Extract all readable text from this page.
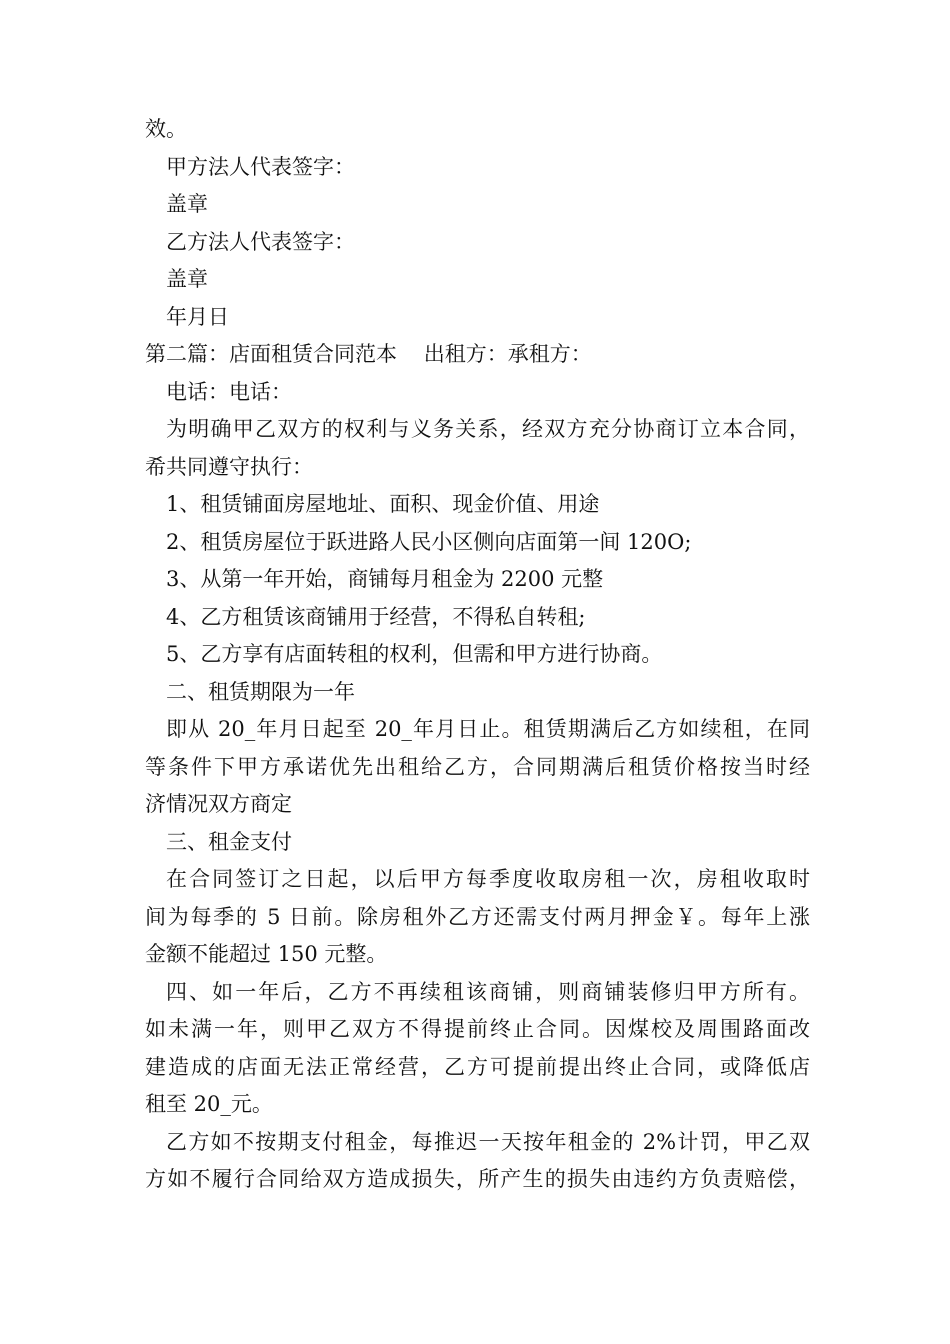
效。
甲方法人代表签字：
盖章
乙方法人代表签字：
盖章
年月日
第二篇：店面租赁合同范本    出租方：承租方：
电话：电话：
为明确甲乙双方的权利与义务关系，经双方充分协商订立本合同，
希共同遵守执行：
1、租赁铺面房屋地址、面积、现金价值、用途
2、租赁房屋位于跃进路人民小区侧向店面第一间 120O;
3、从第一年开始，商铺每月租金为 2200 元整
4、乙方租赁该商铺用于经营，不得私自转租;
5、乙方享有店面转租的权利，但需和甲方进行协商。
二、租赁期限为一年
即从 20_年月日起至 20_年月日止。租赁期满后乙方如续租，在同
等条件下甲方承诺优先出租给乙方，合同期满后租赁价格按当时经
济情况双方商定
三、租金支付
在合同签订之日起，以后甲方每季度收取房租一次，房租收取时
间为每季的 5 日前。除房租外乙方还需支付两月押金￥。每年上涨
金额不能超过 150 元整。
四、如一年后，乙方不再续租该商铺，则商铺装修归甲方所有。
如未满一年，则甲乙双方不得提前终止合同。因煤校及周围路面改
建造成的店面无法正常经营，乙方可提前提出终止合同，或降低店
租至 20_元。
乙方如不按期支付租金，每推迟一天按年租金的 2%计罚，甲乙双
方如不履行合同给双方造成损失，所产生的损失由违约方负责赔偿，
